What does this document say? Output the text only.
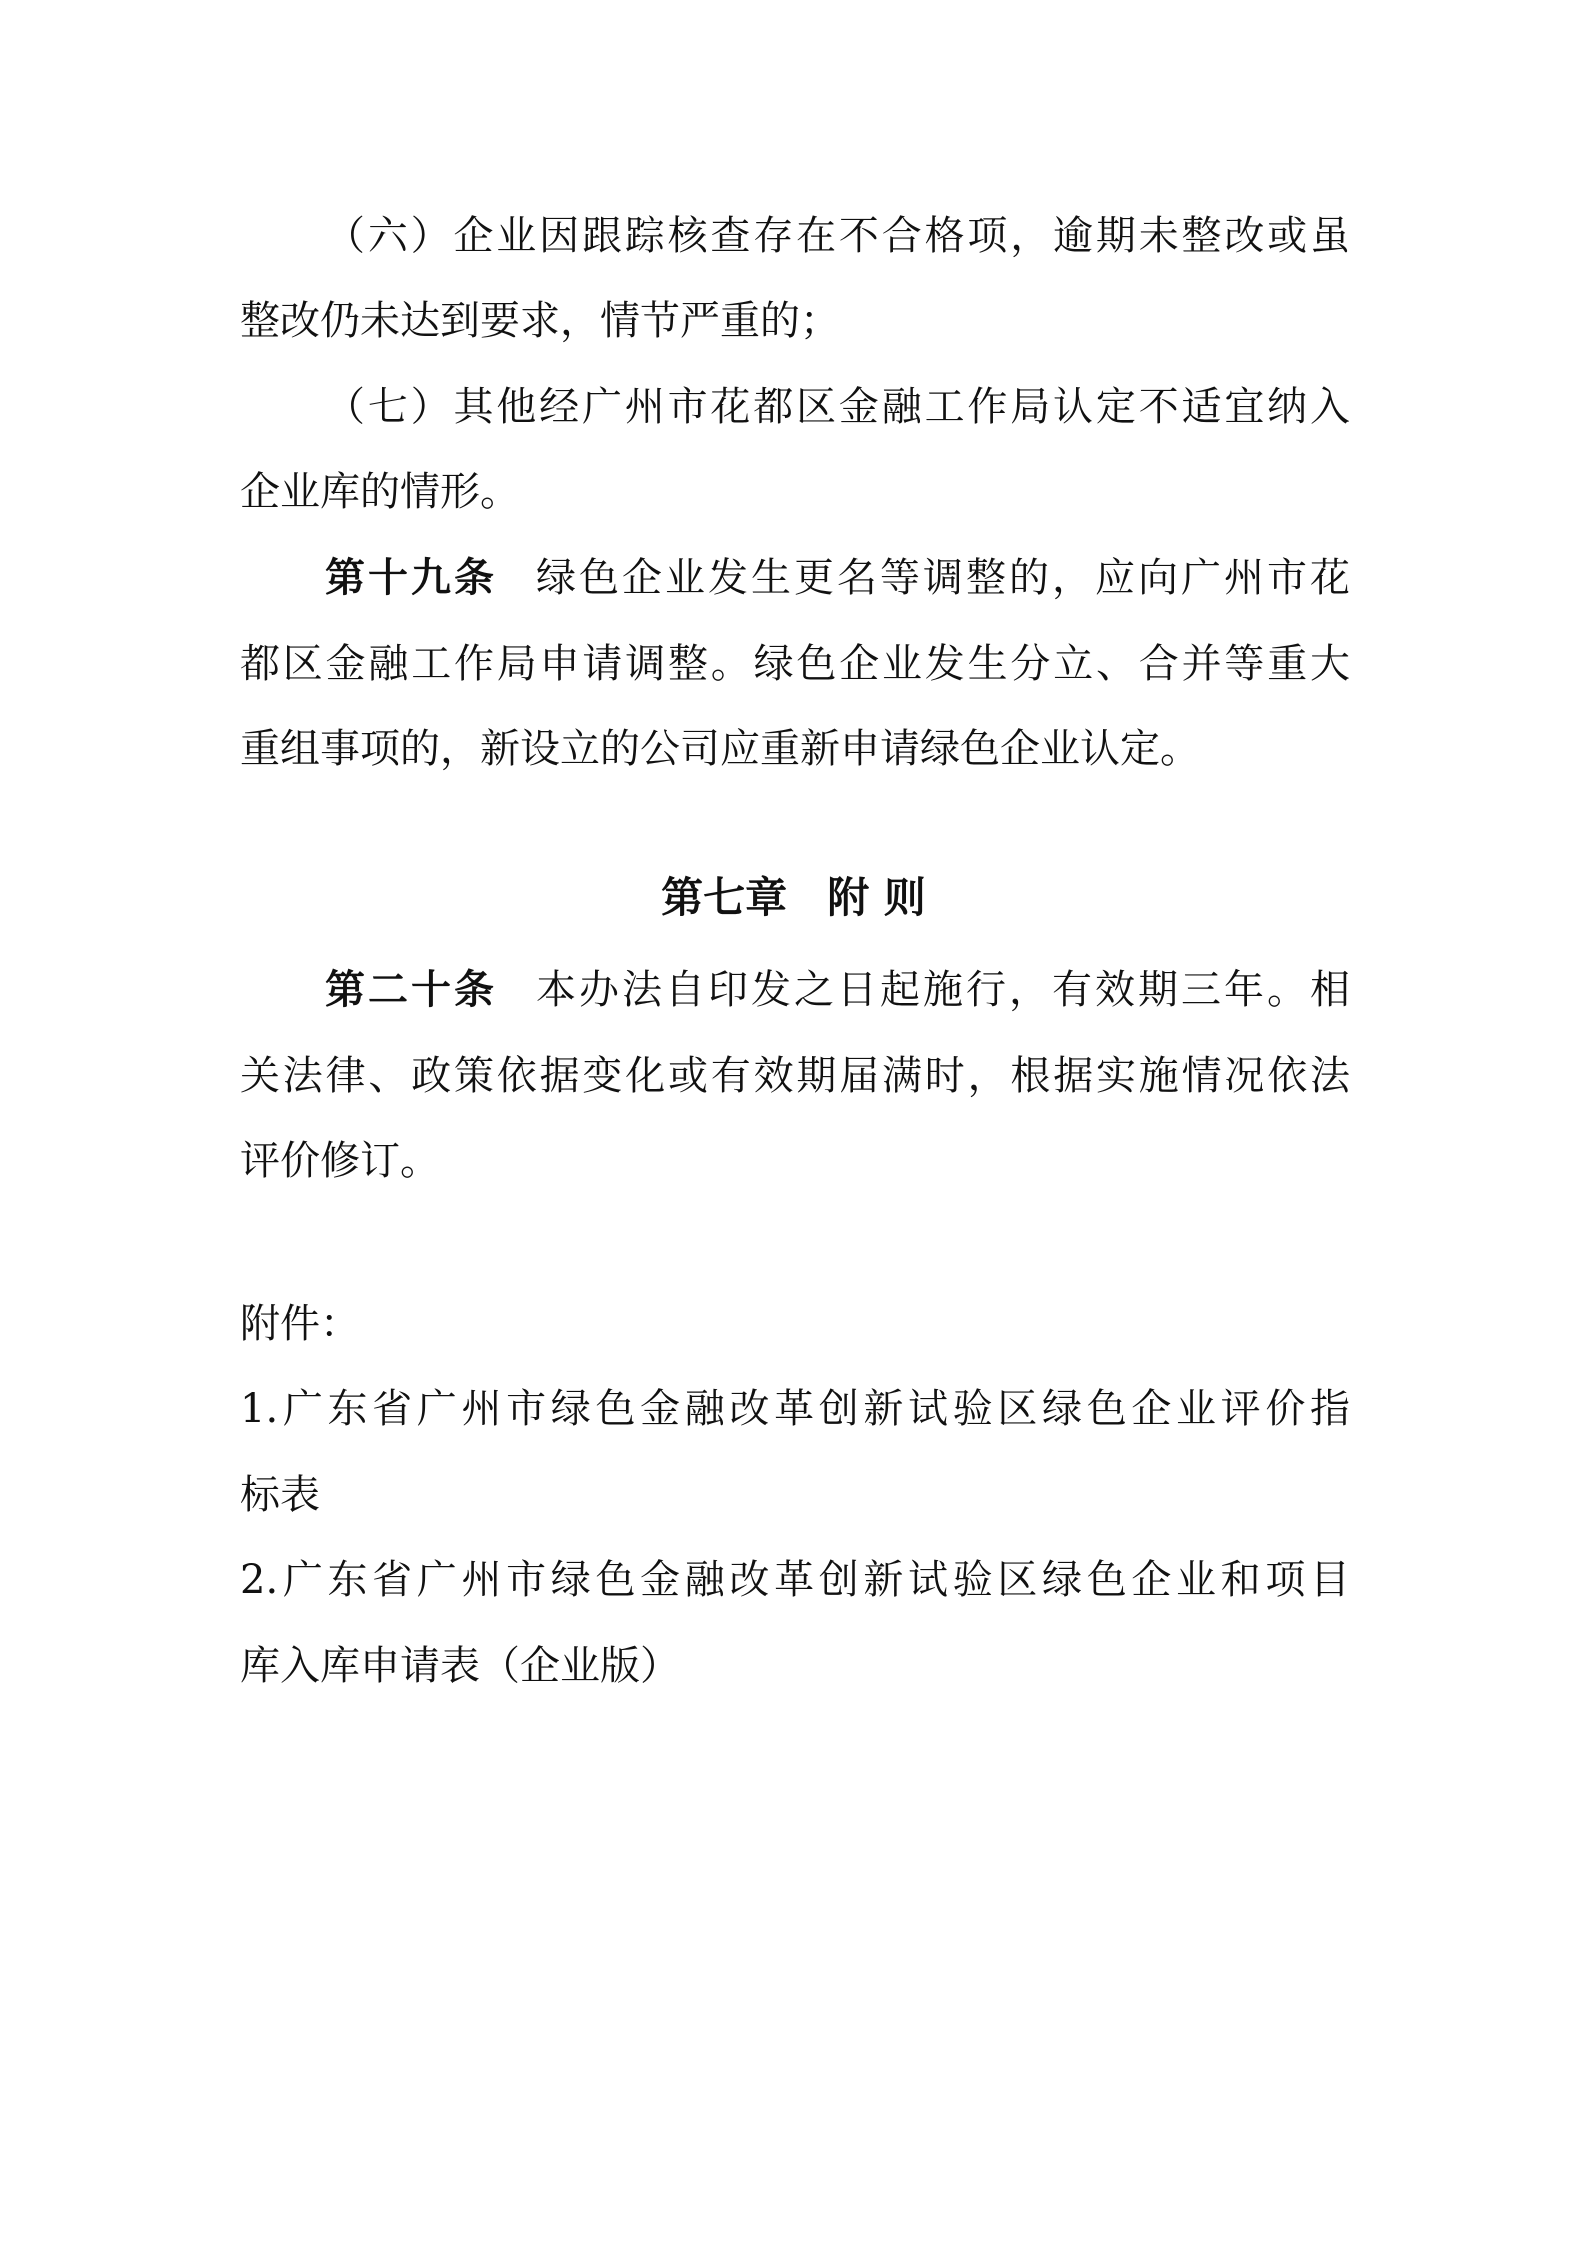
（六）企业因跟踪核查存在不合格项，逾期未整改或虽
整改仍未达到要求，情节严重的；
（七）其他经广州市花都区金融工作局认定不适宜纳入
企业库的情形。
第十九条 绿色企业发生更名等调整的，应向广州市花
都区金融工作局申请调整。绿色企业发生分立、合并等重大
重组事项的，新设立的公司应重新申请绿色企业认定。
第七章 附 则
第二十条 本办法自印发之日起施行，有效期三年。相
关法律、政策依据变化或有效期届满时，根据实施情况依法
评价修订。
附件：
1.广东省广州市绿色金融改革创新试验区绿色企业评价指
标表
2.广东省广州市绿色金融改革创新试验区绿色企业和项目
库入库申请表（企业版）
